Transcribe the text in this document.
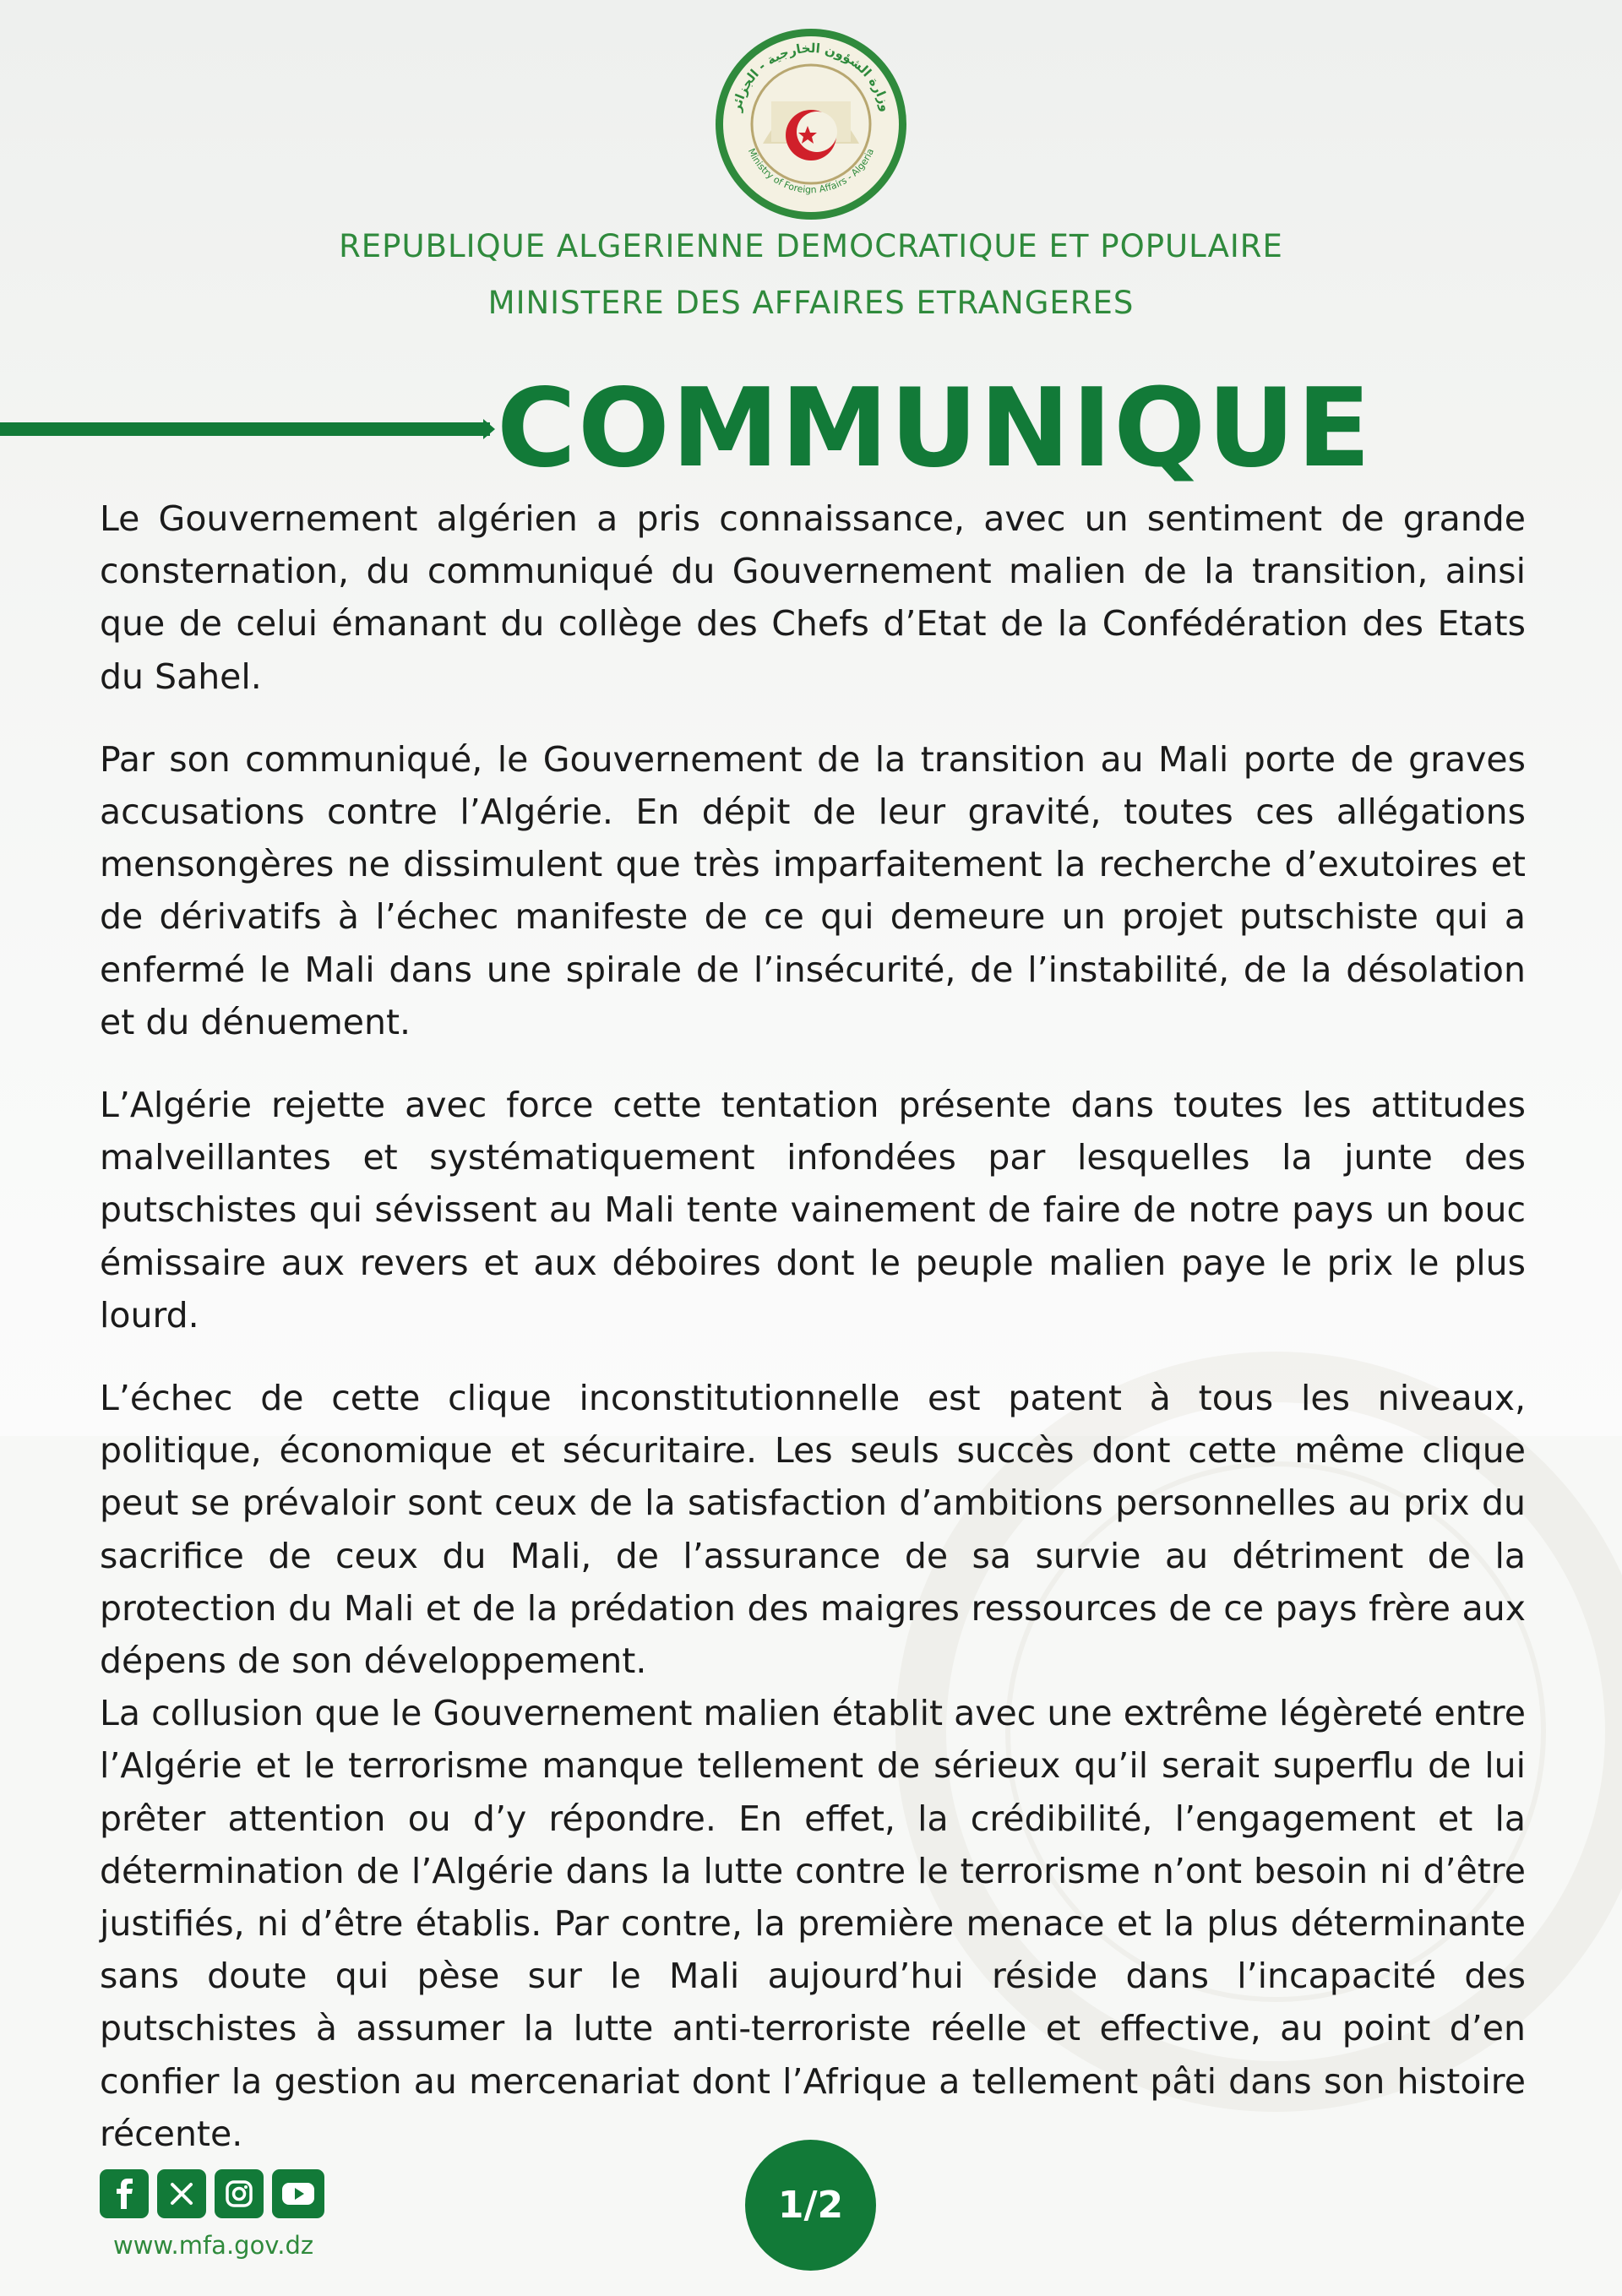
وزارة الشؤون الخارجية - الجزائر
Ministry of Foreign Affairs - Algeria
REPUBLIQUE ALGERIENNE DEMOCRATIQUE ET POPULAIRE
MINISTERE DES AFFAIRES ETRANGERES
COMMUNIQUE

Le Gouvernement algérien a pris connaissance, avec un sentiment de grande consternation, du communiqué du Gouvernement malien de la transition, ainsi que de celui émanant du collège des Chefs d’Etat de la Confédération des Etats du Sahel.

Par son communiqué, le Gouvernement de la transition au Mali porte de graves accusations contre l’Algérie. En dépit de leur gravité, toutes ces allégations mensongères ne dissimulent que très imparfaitement la recherche d’exutoires et de dérivatifs à l’échec manifeste de ce qui demeure un projet putschiste qui a enfermé le Mali dans une spirale de l’insécurité, de l’instabilité, de la désolation et du dénuement.

L’Algérie rejette avec force cette tentation présente dans toutes les attitudes malveillantes et systématiquement infondées par lesquelles la junte des putschistes qui sévissent au Mali tente vainement de faire de notre pays un bouc émissaire aux revers et aux déboires dont le peuple malien paye le prix le plus lourd.

L’échec de cette clique inconstitutionnelle est patent à tous les niveaux, politique, économique et sécuritaire. Les seuls succès dont cette même clique peut se prévaloir sont ceux de la satisfaction d’ambitions personnelles au prix du sacrifice de ceux du Mali, de l’assurance de sa survie au détriment de la protection du Mali et de la prédation des maigres ressources de ce pays frère aux dépens de son développement.

La collusion que le Gouvernement malien établit avec une extrême légèreté entre l’Algérie et le terrorisme manque tellement de sérieux qu’il serait superflu de lui prêter attention ou d’y répondre. En effet, la crédibilité, l’engagement et la détermination de l’Algérie dans la lutte contre le terrorisme n’ont besoin ni d’être justifiés, ni d’être établis. Par contre, la première menace et la plus déterminante sans doute qui pèse sur le Mali aujourd’hui réside dans l’incapacité des putschistes à assumer la lutte anti-terroriste réelle et effective, au point d’en confier la gestion au mercenariat dont l’Afrique a tellement pâti dans son histoire récente.

www.mfa.gov.dz
1/2
